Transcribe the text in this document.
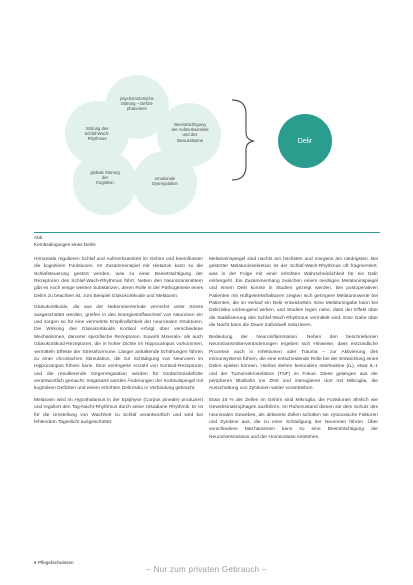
psychomotorische
Störung – Defizit-
phänomen
Beeinträchtigung
der Aufmerksamkeit
und des
Bewusstseins
emotionale
Dysregulation
globale Störung
der
Kognition
Störung des
Schlaf-Wach-
Rhythmus	Delir
Abb.
Kernbedingungen eines Delirs

Hirnareale regulieren Schlaf und Aufmerksamkeit im Gehirn und beeinflussen die kognitiven Funktionen. Im Zusammenspiel mit Histamin kann so die Schlafsteuerung gestört werden, was zu einer Beeinträchtigung der Rezeptoren des Schlaf-Wach-Rhythmus führt. Neben den Neurotransmittern gibt es noch einige weitere Substanzen, deren Rolle in der Pathogenese eines Delirs zu beachten ist, zum Beispiel Glukokortikoide und Melatonin.

Glukokortikoide, die aus der Nebennierenrinde vermehrt unter Stress ausgeschüttet werden, greifen in den Energiestoffwechsel von Neuronen ein und sorgen so für eine vermehrte Empfindlichkeit der neuronalen Strukturen. Die Wirkung des Glukokortikoids Kortisol erfolgt über verschiedene Mechanismen, darunter spezifische Rezeptoren. Sowohl Mineralo- als auch Glukokortikoid-Rezeptoren, die in hoher Dichte im Hippocampus vorkommen, vermitteln Effekte der Stresshormone. Länger anhaltende Erhöhungen führen zu einer chronischen Stimulation, die zur Schädigung von Neuronen im Hippocampus führen kann. Eine verringerte Anzahl von Kortisol-Rezeptoren und die resultierende Gegenregulation werden für Gedächtnisdefizite verantwortlich gemacht. Insgesamt werden Änderungen der Kortisolspiegel mit kognitiven Defiziten und einem erhöhten Delirrisiko in Verbindung gebracht.

Melatonin wird im Hypothalamus in der Epiphyse (Corpus pineale) produziert und reguliert den Tag-Nacht-Rhythmus durch seine zirkadiane Rhythmik. Er ist für die Umstellung von Wachheit zu Schlaf verantwortlich und wird bei fehlendem Tageslicht ausgeschüttet.

Melatoninspiegel sind nachts am höchsten und morgens am niedrigsten. Bei gestörter Melatoninsekretion ist der Schlaf-Wach-Rhythmus oft fragmentiert, was in der Folge mit einer erhöhten Wahrscheinlichkeit für ein Delir einhergeht. Ein Zusammenhang zwischen einem niedrigen Melatoninspiegel und einem Delir konnte in Studien gezeigt werden. Bei postoperativen Patienten mit Hüftgelenksfrakturen zeigten sich geringere Melatoninwerte bei Patienten, die im Verlauf ein Delir entwickelten. Eine Melatoningabe kann bei Delirrisiko vorbeugend wirken, und Studien legen nahe, dass der Effekt über die Stabilisierung des Schlaf-Wach-Rhythmus vermittelt wird. Eine Gabe über die Nacht kann die Dauer individuell reduzieren.

Bedeutung der Neuroinflammation. Neben den beschriebenen Neurotransmitterveränderungen ergeben sich Hinweise, dass entzündliche Prozesse auch in Infektionen oder Trauma – zur Aktivierung des Immunsystems führen, die eine entscheidende Rolle bei der Entwicklung eines Delirs spielen können. Hierbei stehen besonders Interleukine (IL), etwa IL-1 und der Tumornekrosefaktor (TNF) im Fokus. Diese gelangen aus der peripheren Blutbahn ins ZNS und interagieren dort mit Mikroglia, die Ausschüttung von Zytokinen weiter vorantreiben.

Etwa 15 % der Zellen im Gehirn sind Mikroglia, die Funktionen ähnlich wie Gewebsmakrophagen ausführen. Im Ruhezustand dienen sie dem Schutz des neuronalen Gewebes, als aktivierte Zellen schütten sie zytotoxische Faktoren und Zytokine aus, die zu einer Schädigung der Neuronen führen. Über verschiedene Mechanismen kann so eine Beeinträchtigung der Neurotransmission und der Homöostase entstehen.

6 Pflegefachwissen
– Nur zum privaten Gebrauch –
